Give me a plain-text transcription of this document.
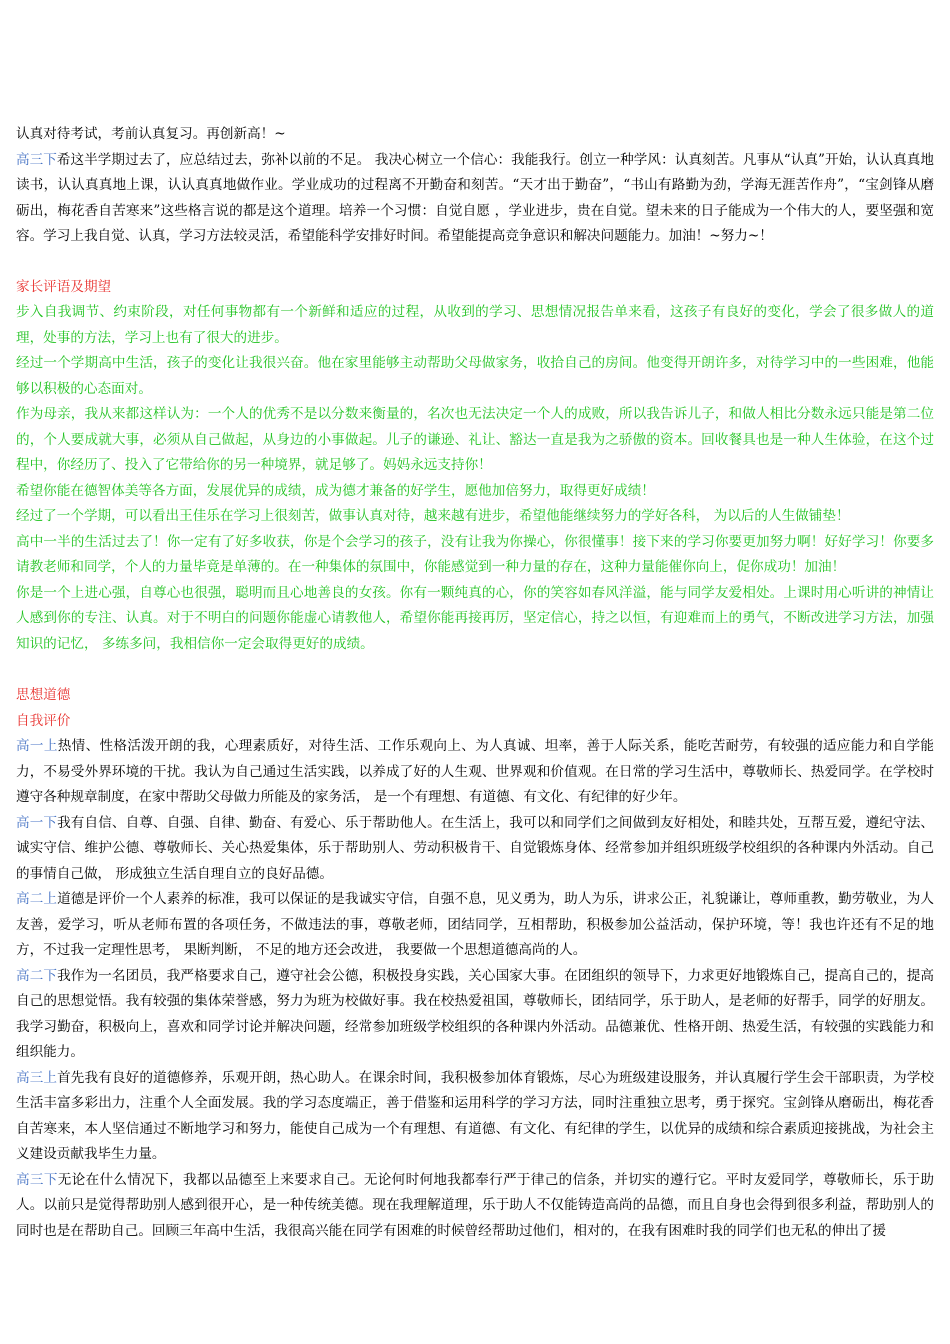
认真对待考试，考前认真复习。再创新高！~

高三下希这半学期过去了，应总结过去，弥补以前的不足。 我决心树立一个信心：我能我行。创立一种学风：认真刻苦。凡事从“认真”开始，认认真真地读书，认认真真地上课，认认真真地做作业。学业成功的过程离不开勤奋和刻苦。“天才出于勤奋”，“书山有路勤为劲，学海无涯苦作舟”，“宝剑锋从磨砺出，梅花香自苦寒来”这些格言说的都是这个道理。培养一个习惯：自觉自愿 ，学业进步，贵在自觉。望未来的日子能成为一个伟大的人，要坚强和宽容。学习上我自觉、认真，学习方法较灵活，希望能科学安排好时间。希望能提高竞争意识和解决问题能力。加油！~努力~！

家长评语及期望

步入自我调节、约束阶段，对任何事物都有一个新鲜和适应的过程，从收到的学习、思想情况报告单来看，这孩子有良好的变化，学会了很多做人的道理，处事的方法，学习上也有了很大的进步。

经过一个学期高中生活，孩子的变化让我很兴奋。他在家里能够主动帮助父母做家务，收拾自己的房间。他变得开朗许多，对待学习中的一些困难，他能够以积极的心态面对。

作为母亲，我从来都这样认为：一个人的优秀不是以分数来衡量的，名次也无法决定一个人的成败，所以我告诉儿子，和做人相比分数永远只能是第二位的，个人要成就大事，必须从自己做起，从身边的小事做起。儿子的谦逊、礼让、豁达一直是我为之骄傲的资本。回收餐具也是一种人生体验，在这个过程中，你经历了、投入了它带给你的另一种境界，就足够了。妈妈永远支持你！

希望你能在德智体美等各方面，发展优异的成绩，成为德才兼备的好学生，愿他加倍努力，取得更好成绩！

经过了一个学期，可以看出王佳乐在学习上很刻苦，做事认真对待，越来越有进步，希望他能继续努力的学好各科， 为以后的人生做铺垫！

高中一半的生活过去了！你一定有了好多收获，你是个会学习的孩子，没有让我为你操心，你很懂事！接下来的学习你要更加努力啊！好好学习！你要多请教老师和同学，个人的力量毕竟是单薄的。在一种集体的氛围中，你能感觉到一种力量的存在，这种力量能催你向上，促你成功！加油！

你是一个上进心强，自尊心也很强，聪明而且心地善良的女孩。你有一颗纯真的心，你的笑容如春风洋溢，能与同学友爱相处。上课时用心听讲的神情让人感到你的专注、认真。对于不明白的问题你能虚心请教他人，希望你能再接再厉，坚定信心，持之以恒，有迎难而上的勇气，不断改进学习方法，加强知识的记忆， 多练多问，我相信你一定会取得更好的成绩。

思想道德
自我评价

高一上热情、性格活泼开朗的我，心理素质好，对待生活、工作乐观向上、为人真诚、坦率，善于人际关系，能吃苦耐劳，有较强的适应能力和自学能力，不易受外界环境的干扰。我认为自己通过生活实践，以养成了好的人生观、世界观和价值观。在日常的学习生活中，尊敬师长、热爱同学。在学校时遵守各种规章制度，在家中帮助父母做力所能及的家务活， 是一个有理想、有道德、有文化、有纪律的好少年。

高一下我有自信、自尊、自强、自律、勤奋、有爱心、乐于帮助他人。在生活上，我可以和同学们之间做到友好相处，和睦共处，互帮互爱，遵纪守法、诚实守信、维护公德、尊敬师长、关心热爱集体，乐于帮助别人、劳动积极肯干、自觉锻炼身体、经常参加并组织班级学校组织的各种课内外活动。自己的事情自己做， 形成独立生活自理自立的良好品德。

高二上道德是评价一个人素养的标准，我可以保证的是我诚实守信，自强不息，见义勇为，助人为乐，讲求公正，礼貌谦让，尊师重教，勤劳敬业，为人友善，爱学习，听从老师布置的各项任务，不做违法的事，尊敬老师，团结同学，互相帮助，积极参加公益活动，保护环境，等！我也许还有不足的地方，不过我一定理性思考， 果断判断， 不足的地方还会改进， 我要做一个思想道德高尚的人。

高二下我作为一名团员，我严格要求自己，遵守社会公德，积极投身实践，关心国家大事。在团组织的领导下，力求更好地锻炼自己，提高自己的，提高自己的思想觉悟。我有较强的集体荣誉感，努力为班为校做好事。我在校热爱祖国，尊敬师长，团结同学，乐于助人，是老师的好帮手，同学的好朋友。我学习勤奋，积极向上，喜欢和同学讨论并解决问题，经常参加班级学校组织的各种课内外活动。品德兼优、性格开朗、热爱生活，有较强的实践能力和组织能力。

高三上首先我有良好的道德修养，乐观开朗，热心助人。在课余时间，我积极参加体育锻炼，尽心为班级建设服务，并认真履行学生会干部职责，为学校生活丰富多彩出力，注重个人全面发展。我的学习态度端正，善于借鉴和运用科学的学习方法，同时注重独立思考，勇于探究。宝剑锋从磨砺出，梅花香自苦寒来，本人坚信通过不断地学习和努力，能使自己成为一个有理想、有道德、有文化、有纪律的学生，以优异的成绩和综合素质迎接挑战，为社会主义建设贡献我毕生力量。

高三下无论在什么情况下，我都以品德至上来要求自己。无论何时何地我都奉行严于律己的信条，并切实的遵行它。平时友爱同学，尊敬师长，乐于助人。以前只是觉得帮助别人感到很开心，是一种传统美德。现在我理解道理，乐于助人不仅能铸造高尚的品德，而且自身也会得到很多利益，帮助别人的同时也是在帮助自己。回顾三年高中生活，我很高兴能在同学有困难的时候曾经帮助过他们，相对的，在我有困难时我的同学们也无私的伸出了援
